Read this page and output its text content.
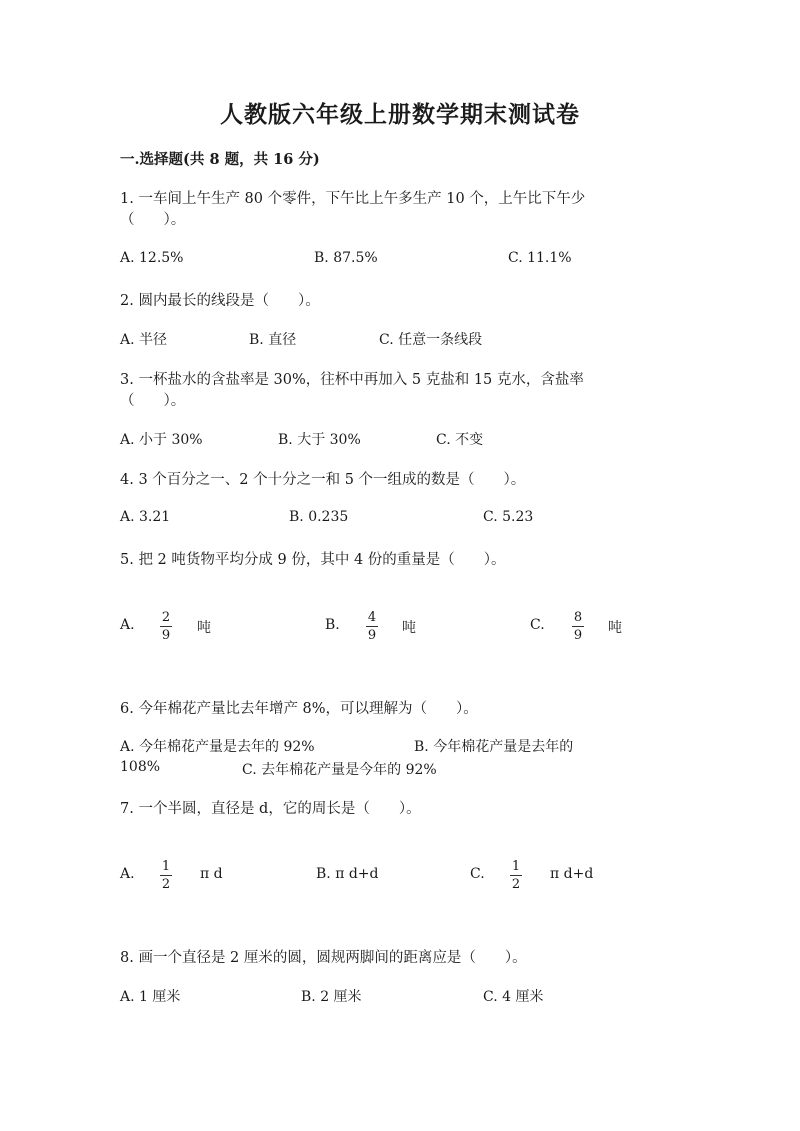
人教版六年级上册数学期末测试卷
一.选择题(共 8 题，共 16 分)
1. 一车间上午生产 80 个零件，下午比上午多生产 10 个，上午比下午少
（　　）。
A. 12.5%	B. 87.5%	C. 11.1%
2. 圆内最长的线段是（　　）。
A. 半径	B. 直径	C. 任意一条线段
3. 一杯盐水的含盐率是 30%，往杯中再加入 5 克盐和 15 克水，含盐率
（　　）。
A. 小于 30%	B. 大于 30%	C. 不变
4. 3 个百分之一、2 个十分之一和 5 个一组成的数是（　　）。
A. 3.21	B. 0.235	C. 5.23
5. 把 2 吨货物平均分成 9 份，其中 4 份的重量是（　　）。
A. 2
9 吨	B. 4
9 吨	C. 8
9 吨
6. 今年棉花产量比去年增产 8%，可以理解为（　　）。
A. 今年棉花产量是去年的 92%	B. 今年棉花产量是去年的
108%	C. 去年棉花产量是今年的 92%
7. 一个半圆，直径是 d，它的周长是（　　）。
A. 1
2
π d	B. π d+d	C. 1
2
π d+d
8. 画一个直径是 2 厘米的圆，圆规两脚间的距离应是（　　）。
A. 1 厘米	B. 2 厘米	C. 4 厘米
